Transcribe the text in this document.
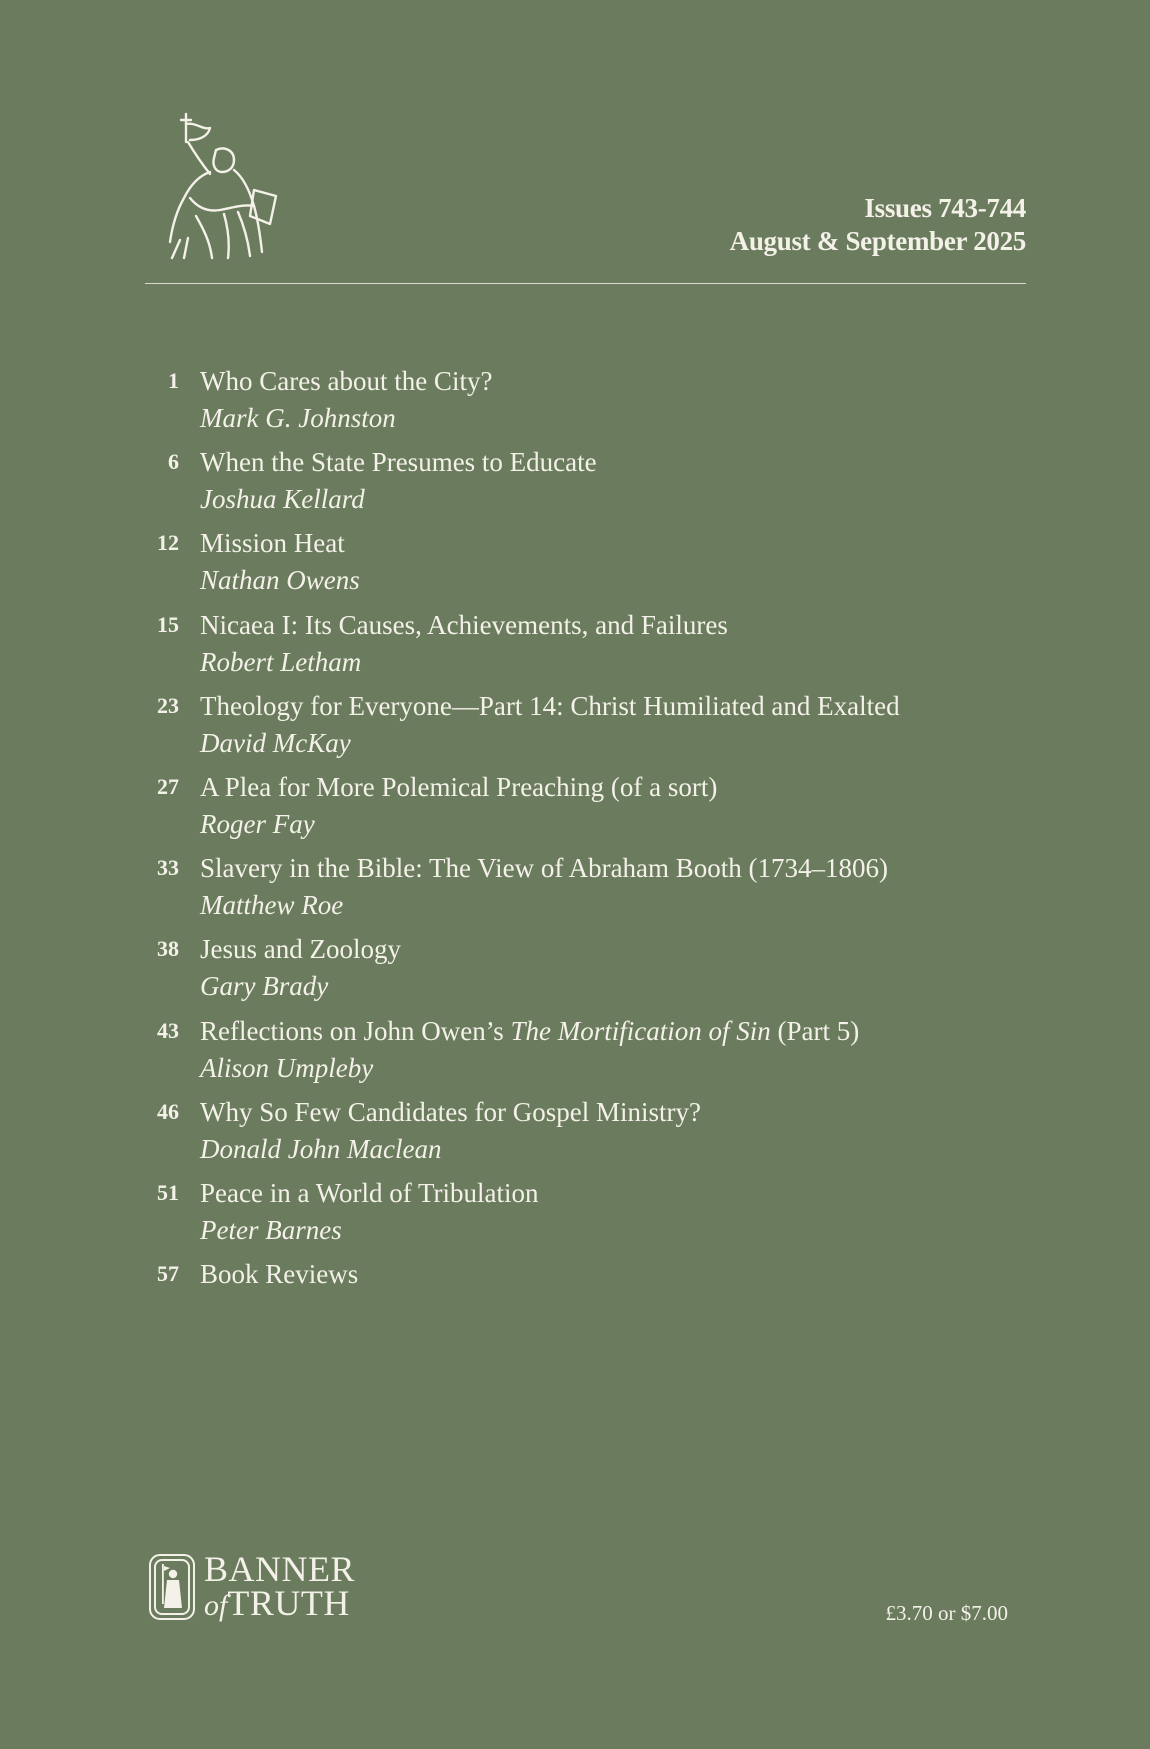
Issues 743-744
August & September 2025
1 Who Cares about the City?
Mark G. Johnston
6 When the State Presumes to Educate
Joshua Kellard
12 Mission Heat
Nathan Owens
15 Nicaea I: Its Causes, Achievements, and Failures
Robert Letham
23 Theology for Everyone—Part 14: Christ Humiliated and Exalted
David McKay
27 A Plea for More Polemical Preaching (of a sort)
Roger Fay
33 Slavery in the Bible: The View of Abraham Booth (1734–1806)
Matthew Roe
38 Jesus and Zoology
Gary Brady
43 Reflections on John Owen’s The Mortification of Sin (Part 5)
Alison Umpleby
46 Why So Few Candidates for Gospel Ministry?
Donald John Maclean
51 Peace in a World of Tribulation
Peter Barnes
57 Book Reviews
BANNER
ofTRUTH	£3.70 or $7.00
